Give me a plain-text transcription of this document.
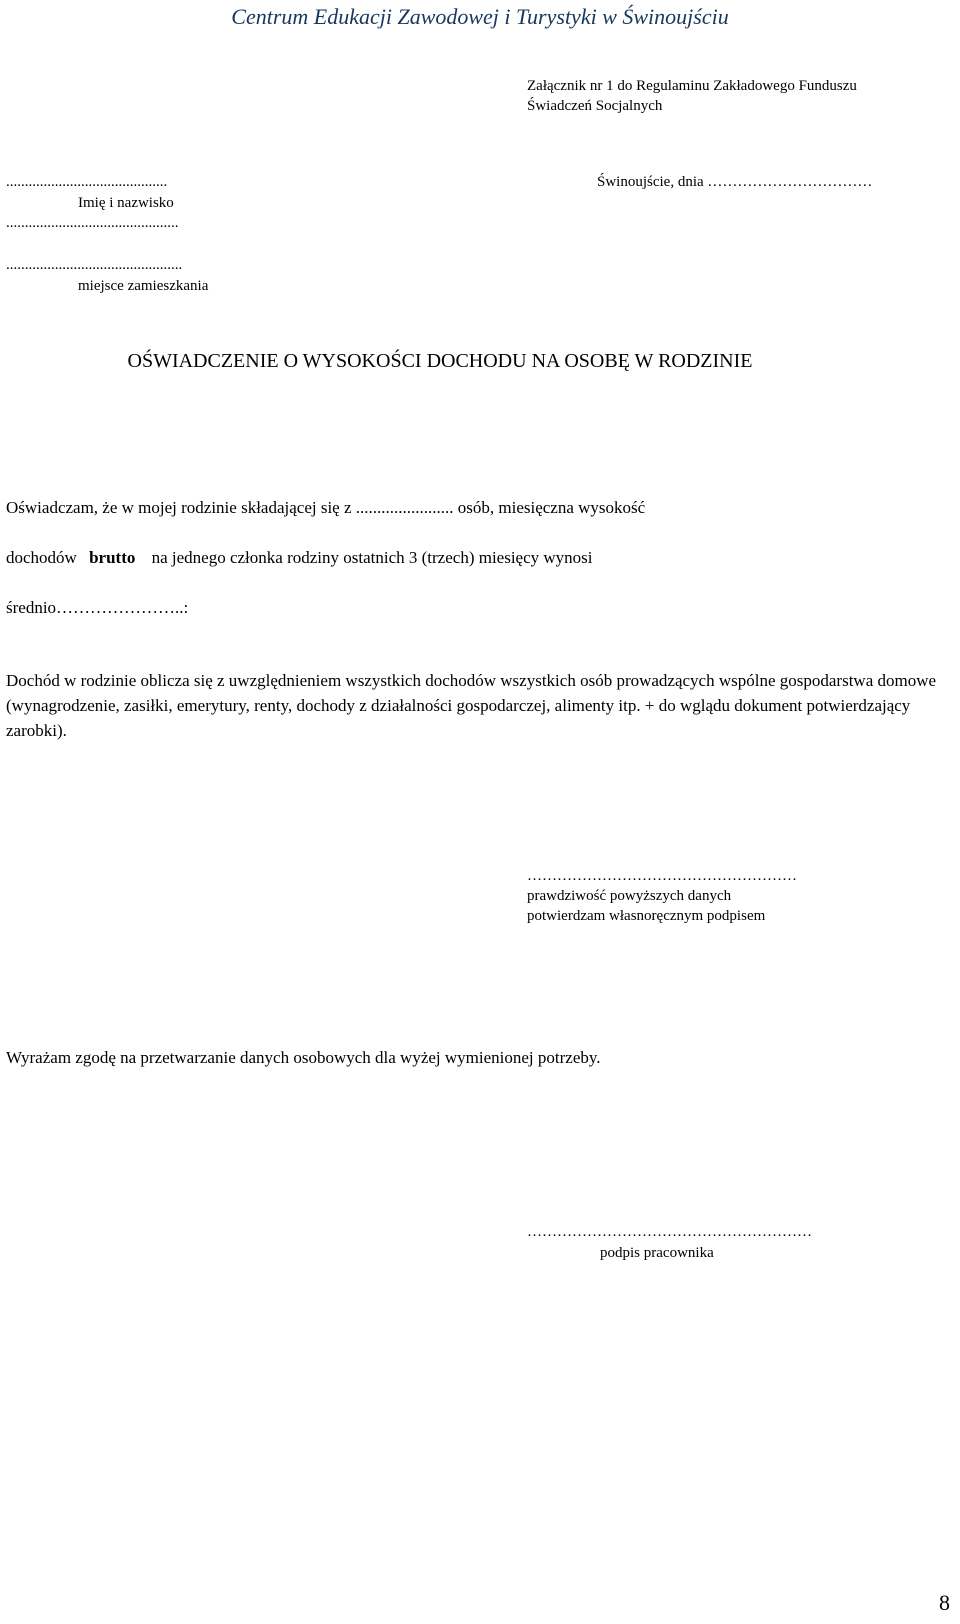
Centrum Edukacji Zawodowej i Turystyki w Świnoujściu
Załącznik nr 1 do Regulaminu Zakładowego Funduszu
Świadczeń Socjalnych
...........................................
Imię i nazwisko
..............................................
...............................................
miejsce zamieszkania
Świnoujście, dnia ……………………………
OŚWIADCZENIE O WYSOKOŚCI DOCHODU NA OSOBĘ W RODZINIE
Oświadczam, że w mojej rodzinie składającej się z ....................... osób, miesięczna wysokość
dochodów brutto na jednego członka rodziny ostatnich 3 (trzech) miesięcy wynosi
średnio…………………..:
Dochód w rodzinie oblicza się z uwzględnieniem wszystkich dochodów wszystkich osób prowadzących wspólne gospodarstwa domowe (wynagrodzenie, zasiłki, emerytury, renty, dochody z działalności gospodarczej, alimenty itp. + do wglądu dokument potwierdzający zarobki).
………………………………………………
prawdziwość powyższych danych
potwierdzam własnoręcznym podpisem
Wyrażam zgodę na przetwarzanie danych osobowych dla wyżej wymienionej potrzeby.
…………………………………………………
podpis pracownika
8
